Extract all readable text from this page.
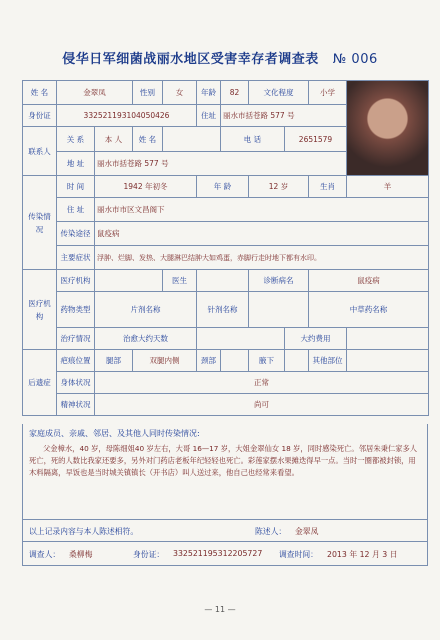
侵华日军细菌战丽水地区受害幸存者调查表 № 006
姓 名	金翠凤		性别	女	年龄	82	文化程度		小学	

身份证	332521193104050426				住址	丽水市括苍路 577 号				
联系人	关 系	本 人	姓 名			电 话		2651579		
	地 址	丽水市括苍路 577 号								
传染情况	时 间	1942 年初冬			年 龄		12 岁		生肖	羊
	住 址	丽水市市区文昌阁下								
	传染途径	鼠疫病								
	主要症状	浮肿、烂脚、发热、大腿淋巴结肿大如鸡蛋，赤脚行走时地下都有水印。								
医疗机构	医疗机构			医生			诊断病名		鼠疫病	
	药物类型	片剂名称			针剂名称				中草药名称	
	治疗情况	治愈大约天数						大约费用		
后遗症	疤痕位置	腿部	双腿内侧		颈部		腋下		其他部位	
	身体状况	正常								
	精神状况	尚可								
家庭成员、亲戚、邻居、及其他人同时传染情况:
父金樟水，40 岁，母陈细姐40 岁左右，大哥 16—17 岁，大姐金翠仙女 18 岁，同时感染死亡。邻居朱秉仁家多人死亡，死的人数比我家还要多，另外对门药店老板年纪轻轻也死亡。彩莲家摆水果摊迭得早一点。当时一圈都被封锁，用木料隔离，早饭也是当时城关镇镇长（开书店）叫人送过来，他自己也经常来看望。
以上记录内容与本人陈述相符。	陈述人： 金翠凤
调查人： 桑柳梅	身份证： 332521195312205727 调查时间： 2013 年 12 月 3 日
— 11 —
